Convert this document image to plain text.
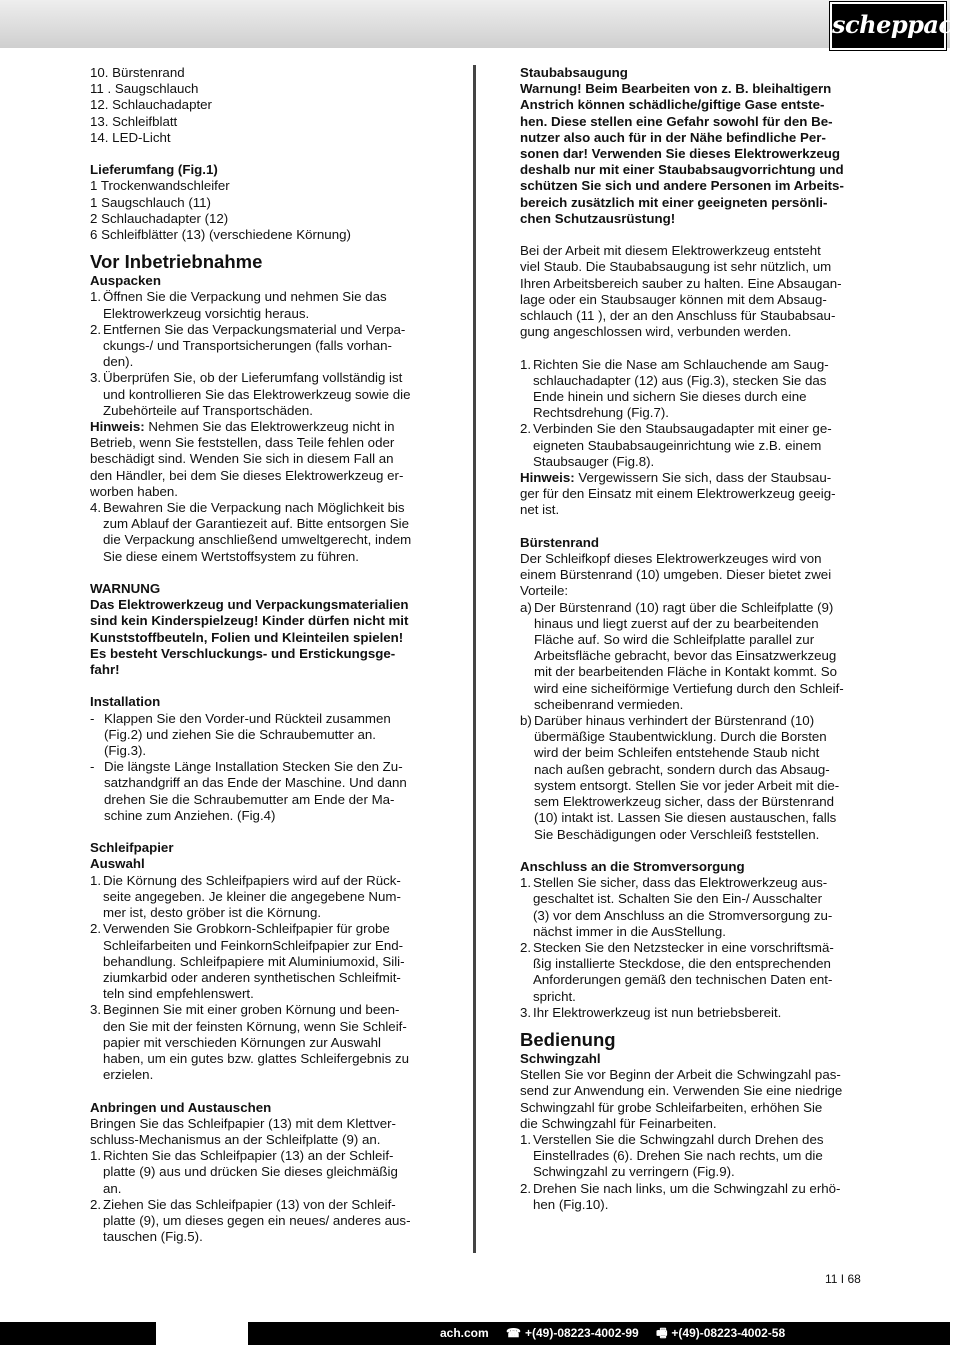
scheppach

10. Bürstenrand

11 . Saugschlauch

12. Schlauchadapter

13. Schleifblatt

14. LED-Licht

Lieferumfang (Fig.1)

1 Trockenwandschleifer

1 Saugschlauch (11)

2 Schlauchadapter (12)

6 Schleifblätter (13) (verschiedene Körnung)

Vor Inbetriebnahme

Auspacken

1. Öffnen Sie die Verpackung und nehmen Sie das

Elektrowerkzeug vorsichtig heraus.

2. Entfernen Sie das Verpackungsmaterial und Verpa-

ckungs-/ und Transportsicherungen (falls vorhan-

den).

3. Überprüfen Sie, ob der Lieferumfang vollständig ist

und kontrollieren Sie das Elektrowerkzeug sowie die

Zubehörteile auf Transportschäden.

Hinweis: Nehmen Sie das Elektrowerkzeug nicht in

Betrieb, wenn Sie feststellen, dass Teile fehlen oder

beschädigt sind. Wenden Sie sich in diesem Fall an

den Händler, bei dem Sie dieses Elektrowerkzeug er-

worben haben.

4. Bewahren Sie die Verpackung nach Möglichkeit bis

zum Ablauf der Garantiezeit auf. Bitte entsorgen Sie

die Verpackung anschließend umweltgerecht, indem

Sie diese einem Wertstoffsystem zu führen.

WARNUNG

Das Elektrowerkzeug und Verpackungsmaterialien

sind kein Kinderspielzeug! Kinder dürfen nicht mit

Kunststoffbeuteln, Folien und Kleinteilen spielen!

Es besteht Verschluckungs- und Erstickungsge-

fahr!

Installation

- Klappen Sie den Vorder-und Rückteil zusammen

(Fig.2) und ziehen Sie die Schraubemutter an.

(Fig.3).

- Die längste Länge Installation Stecken Sie den Zu-

satzhandgriff an das Ende der Maschine. Und dann

drehen Sie die Schraubemutter am Ende der Ma-

schine zum Anziehen. (Fig.4)

Schleifpapier

Auswahl

1. Die Körnung des Schleifpapiers wird auf der Rück-

seite angegeben. Je kleiner die angegebene Num-

mer ist, desto gröber ist die Körnung.

2. Verwenden Sie Grobkorn-Schleifpapier für grobe

Schleifarbeiten und FeinkornSchleifpapier zur End-

behandlung. Schleifpapiere mit Aluminiumoxid, Sili-

ziumkarbid oder anderen synthetischen Schleifmit-

teln sind empfehlenswert.

3. Beginnen Sie mit einer groben Körnung und been-

den Sie mit der feinsten Körnung, wenn Sie Schleif-

papier mit verschieden Körnungen zur Auswahl

haben, um ein gutes bzw. glattes Schleifergebnis zu

erzielen.

Anbringen und Austauschen

Bringen Sie das Schleifpapier (13) mit dem Klettver-

schluss-Mechanismus an der Schleifplatte (9) an.

1. Richten Sie das Schleifpapier (13) an der Schleif-

platte (9) aus und drücken Sie dieses gleichmäßig

an.

2. Ziehen Sie das Schleifpapier (13) von der Schleif-

platte (9), um dieses gegen ein neues/ anderes aus-

tauschen (Fig.5).

Staubabsaugung

Warnung! Beim Bearbeiten von z. B. bleihaltigern

Anstrich können schädliche/giftige Gase entste-

hen. Diese stellen eine Gefahr sowohl für den Be-

nutzer also auch für in der Nähe befindliche Per-

sonen dar! Verwenden Sie dieses Elektrowerkzeug

deshalb nur mit einer Staubabsaugvorrichtung und

schützen Sie sich und andere Personen im Arbeits-

bereich zusätzlich mit einer geeigneten persönli-

chen Schutzausrüstung!

Bei der Arbeit mit diesem Elektrowerkzeug entsteht

viel Staub. Die Staubabsaugung ist sehr nützlich, um

Ihren Arbeitsbereich sauber zu halten. Eine Absaugan-

lage oder ein Staubsauger können mit dem Absaug-

schlauch (11 ), der an den Anschluss für Staubabsau-

gung angeschlossen wird, verbunden werden.

1. Richten Sie die Nase am Schlauchende am Saug-

schlauchadapter (12) aus (Fig.3), stecken Sie das

Ende hinein und sichern Sie dieses durch eine

Rechtsdrehung (Fig.7).

2. Verbinden Sie den Staubsaugadapter mit einer ge-

eigneten Staubabsaugeinrichtung wie z.B. einem

Staubsauger (Fig.8).

Hinweis: Vergewissern Sie sich, dass der Staubsau-

ger für den Einsatz mit einem Elektrowerkzeug geeig-

net ist.

Bürstenrand

Der Schleifkopf dieses Elektrowerkzeuges wird von

einem Bürstenrand (10) umgeben. Dieser bietet zwei

Vorteile:

a) Der Bürstenrand (10) ragt über die Schleifplatte (9)

hinaus und liegt zuerst auf der zu bearbeitenden

Fläche auf. So wird die Schleifplatte parallel zur

Arbeitsfläche gebracht, bevor das Einsatzwerkzeug

mit der bearbeitenden Fläche in Kontakt kommt. So

wird eine sicheiförmige Vertiefung durch den Schleif-

scheibenrand vermieden.

b) Darüber hinaus verhindert der Bürstenrand (10)

übermäßige Staubentwicklung. Durch die Borsten

wird der beim Schleifen entstehende Staub nicht

nach außen gebracht, sondern durch das Absaug-

system entsorgt. Stellen Sie vor jeder Arbeit mit die-

sem Elektrowerkzeug sicher, dass der Bürstenrand

(10) intakt ist. Lassen Sie diesen austauschen, falls

Sie Beschädigungen oder Verschleiß feststellen.

Anschluss an die Stromversorgung

1. Stellen Sie sicher, dass das Elektrowerkzeug aus-

geschaltet ist. Schalten Sie den Ein-/ Ausschalter

(3) vor dem Anschluss an die Stromversorgung zu-

nächst immer in die AusStellung.

2. Stecken Sie den Netzstecker in eine vorschriftsmä-

ßig installierte Steckdose, die den entsprechenden

Anforderungen gemäß den technischen Daten ent-

spricht.

3. Ihr Elektrowerkzeug ist nun betriebsbereit.

Bedienung

Schwingzahl

Stellen Sie vor Beginn der Arbeit die Schwingzahl pas-

send zur Anwendung ein. Verwenden Sie eine niedrige

Schwingzahl für grobe Schleifarbeiten, erhöhen Sie

die Schwingzahl für Feinarbeiten.

1. Verstellen Sie die Schwingzahl durch Drehen des

Einstellrades (6). Drehen Sie nach rechts, um die

Schwingzahl zu verringern (Fig.9).

2. Drehen Sie nach links, um die Schwingzahl zu erhö-

hen (Fig.10).

11 I 68
ach.com ☎ +(49)-08223-4002-99 🖷 +(49)-08223-4002-58
